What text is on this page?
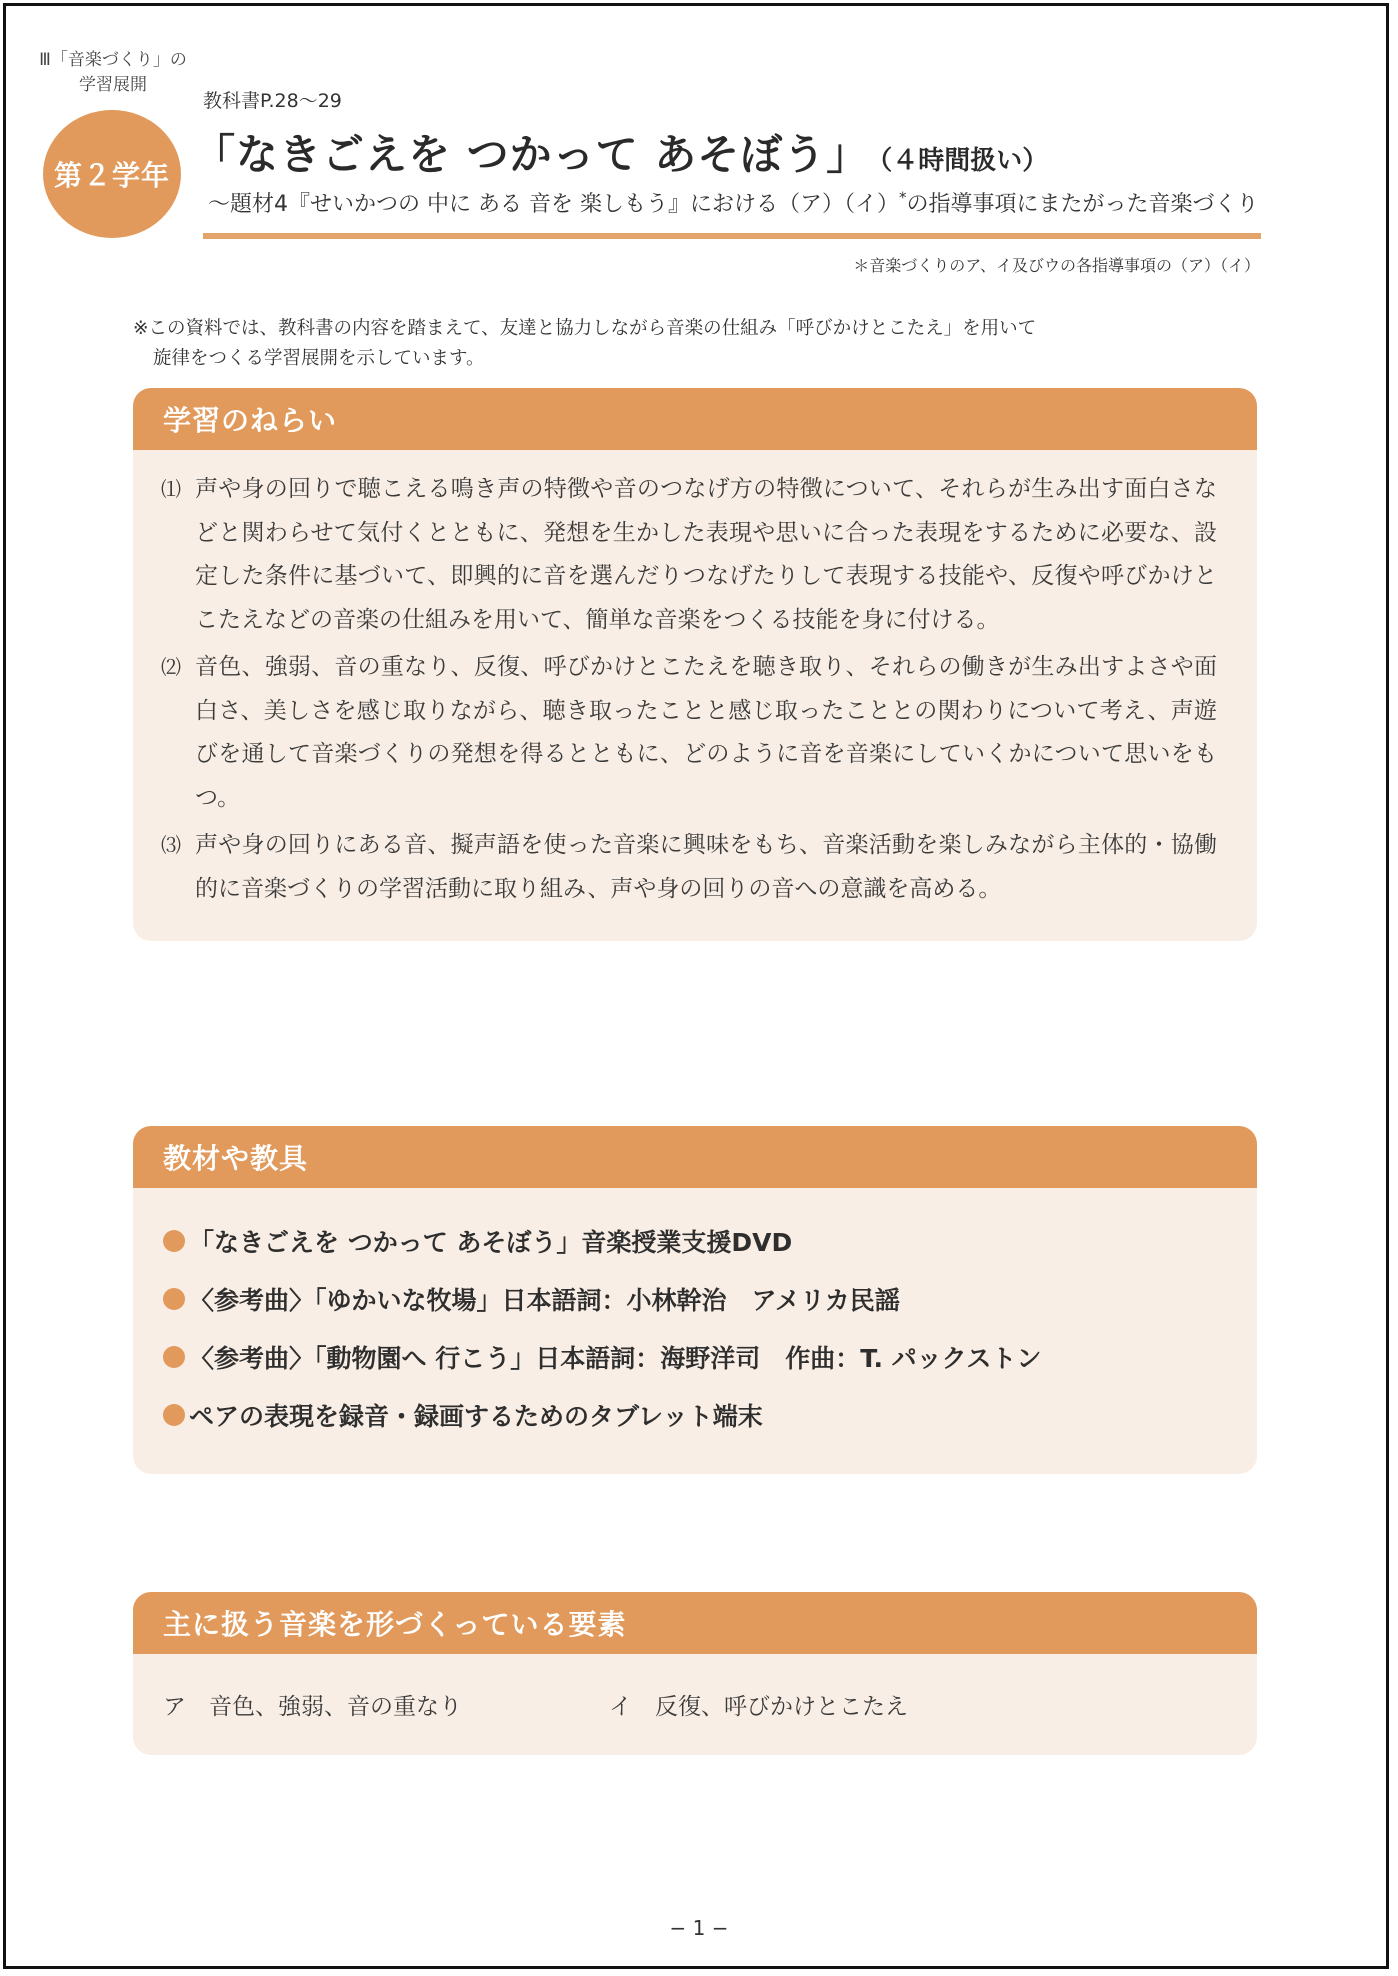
Ⅲ「音楽づくり」の
学習展開
第２学年
教科書P.28〜29
「なきごえを つかって あそぼう」 （４時間扱い）
〜題材4『せいかつの 中に ある 音を 楽しもう』における（ア）（イ）*の指導事項にまたがった音楽づくり
＊音楽づくりのア、イ及びウの各指導事項の（ア）（イ）
※この資料では、教科書の内容を踏まえて、友達と協力しながら音楽の仕組み「呼びかけとこたえ」を用いて
旋律をつくる学習展開を示しています。
学習のねらい
⑴ 声や身の回りで聴こえる鳴き声の特徴や音のつなげ方の特徴について、それらが生み出す面白さなどと関わらせて気付くとともに、発想を生かした表現や思いに合った表現をするために必要な、設定した条件に基づいて、即興的に音を選んだりつなげたりして表現する技能や、反復や呼びかけとこたえなどの音楽の仕組みを用いて、簡単な音楽をつくる技能を身に付ける。
⑵ 音色、強弱、音の重なり、反復、呼びかけとこたえを聴き取り、それらの働きが生み出すよさや面白さ、美しさを感じ取りながら、聴き取ったことと感じ取ったこととの関わりについて考え、声遊びを通して音楽づくりの発想を得るとともに、どのように音を音楽にしていくかについて思いをもつ。
⑶ 声や身の回りにある音、擬声語を使った音楽に興味をもち、音楽活動を楽しみながら主体的・協働的に音楽づくりの学習活動に取り組み、声や身の回りの音への意識を高める。
教材や教具
「なきごえを つかって あそぼう」音楽授業支援DVD
〈参考曲〉「ゆかいな牧場」日本語詞：小林幹治　アメリカ民謡
〈参考曲〉「動物園へ 行こう」日本語詞：海野洋司　作曲：T. パックストン
ペアの表現を録音・録画するためのタブレット端末
主に扱う音楽を形づくっている要素
ア　音色、強弱、音の重なり	イ　反復、呼びかけとこたえ
− 1 −
